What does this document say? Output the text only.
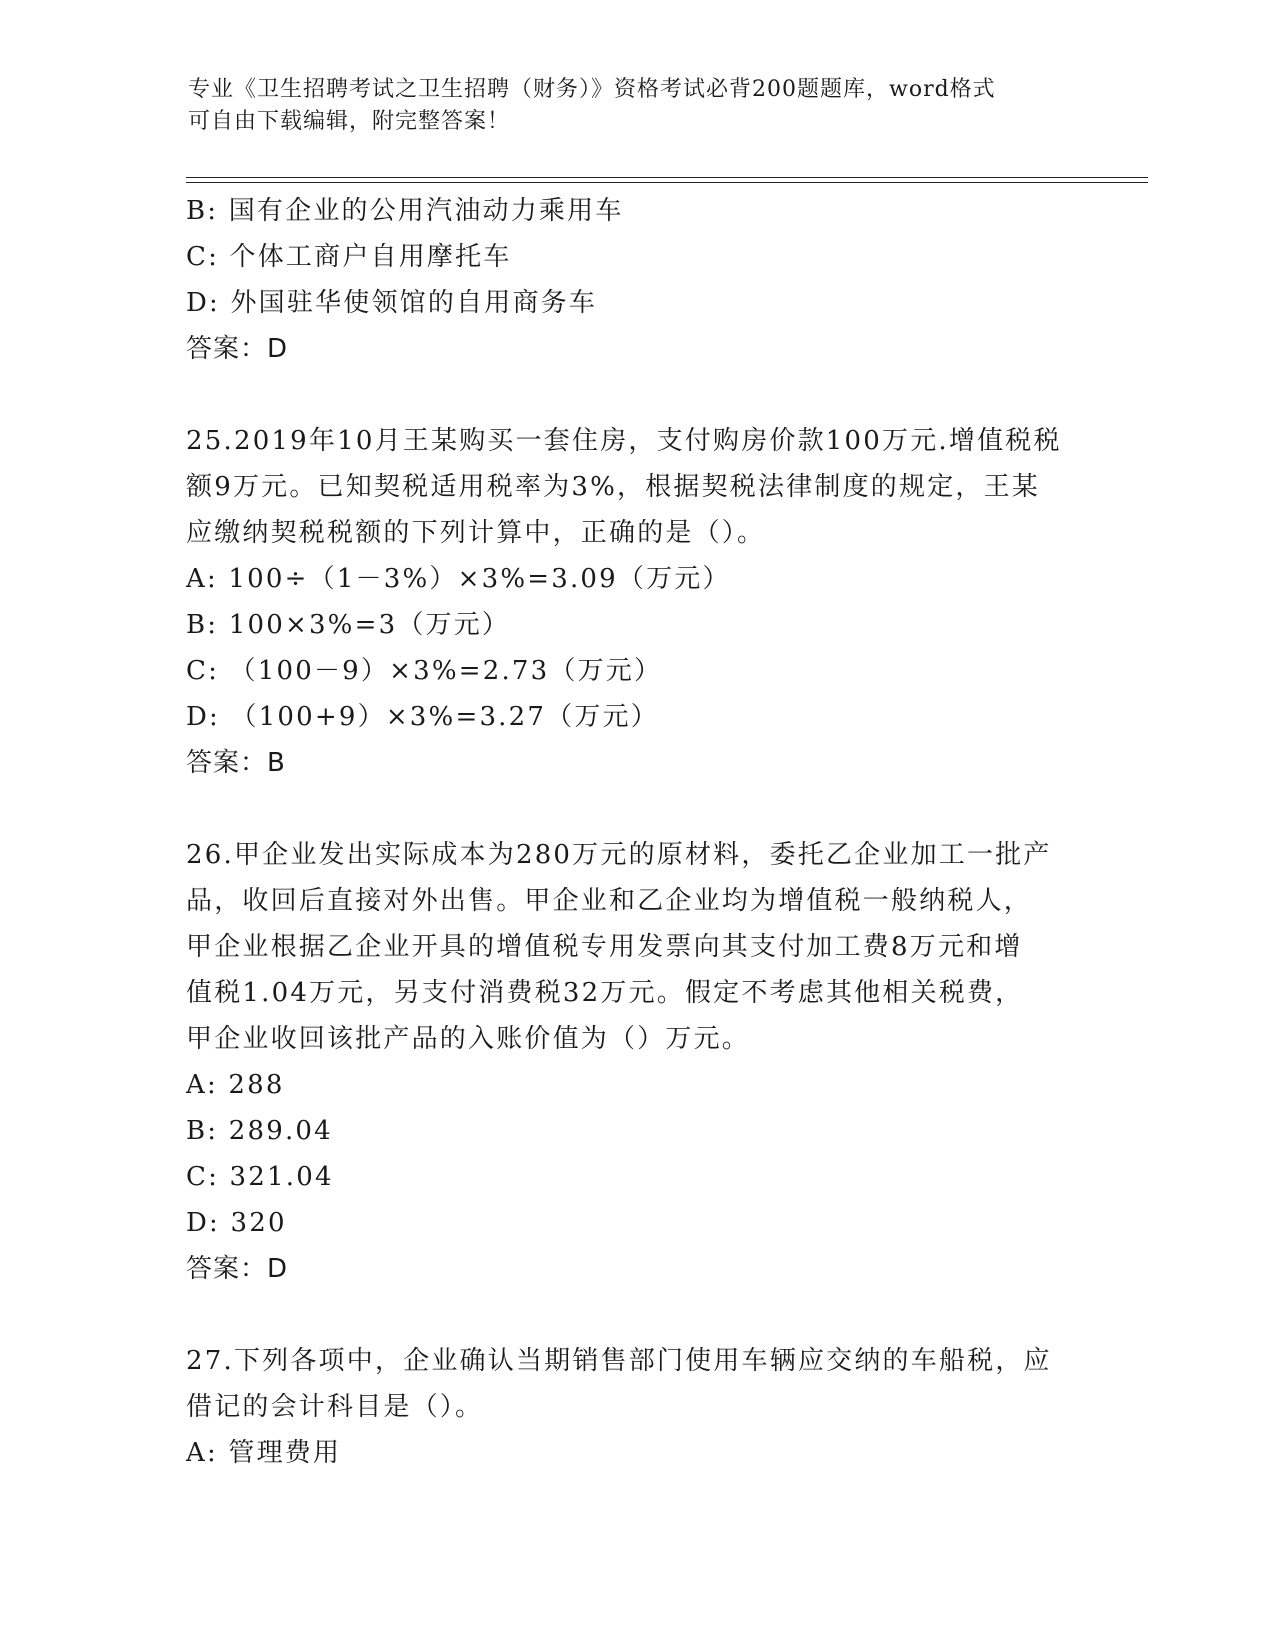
专业《卫生招聘考试之卫生招聘（财务）》资格考试必背200题题库，word格式

可自由下载编辑，附完整答案！

B: 国有企业的公用汽油动力乘用车
C: 个体工商户自用摩托车
D: 外国驻华使领馆的自用商务车
答案：D
25.2019年10月王某购买一套住房，支付购房价款100万元.增值税税
额9万元。已知契税适用税率为3%，根据契税法律制度的规定，王某
应缴纳契税税额的下列计算中，正确的是（）。
A: 100÷（1－3%）×3%=3.09（万元）
B: 100×3%=3（万元）
C: （100－9）×3%=2.73（万元）
D: （100+9）×3%=3.27（万元）
答案：B
26.甲企业发出实际成本为280万元的原材料，委托乙企业加工一批产
品，收回后直接对外出售。甲企业和乙企业均为增值税一般纳税人，
甲企业根据乙企业开具的增值税专用发票向其支付加工费8万元和增
值税1.04万元，另支付消费税32万元。假定不考虑其他相关税费，
甲企业收回该批产品的入账价值为（）万元。
A: 288
B: 289.04
C: 321.04
D: 320
答案：D
27.下列各项中，企业确认当期销售部门使用车辆应交纳的车船税，应
借记的会计科目是（）。
A: 管理费用
